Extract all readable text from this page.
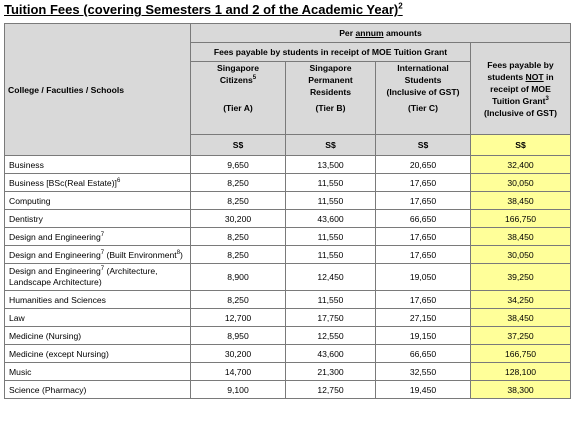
Tuition Fees (covering Semesters 1 and 2 of the Academic Year)$^2$
College / Faculties / Schools	Per annum amounts			
	Fees payable by students in receipt of MOE Tuition Grant			Fees payable by
students NOT in
receipt of MOE
Tuition Grant$^3$
(Inclusive of GST)
	Singapore
Citizens$^5$
(Tier A)	Singapore
Permanent
Residents
(Tier B)	International
Students
(Inclusive of GST)
(Tier C)	

	S$	S$	S$	S$
Business	9,650	13,500	20,650	32,400
Business [BSc(Real Estate)]$^6$	8,250	11,550	17,650	30,050
Computing	8,250	11,550	17,650	38,450
Dentistry	30,200	43,600	66,650	166,750
Design and Engineering$^7$	8,250	11,550	17,650	38,450
Design and Engineering$^7$ (Built Environment$^8$)	8,250	11,550	17,650	30,050
Design and Engineering$^7$ (Architecture,
Landscape Architecture)	8,900	12,450	19,050	39,250
Humanities and Sciences	8,250	11,550	17,650	34,250
Law	12,700	17,750	27,150	38,450
Medicine (Nursing)	8,950	12,550	19,150	37,250
Medicine (except Nursing)	30,200	43,600	66,650	166,750
Music	14,700	21,300	32,550	128,100
Science (Pharmacy)	9,100	12,750	19,450	38,300
